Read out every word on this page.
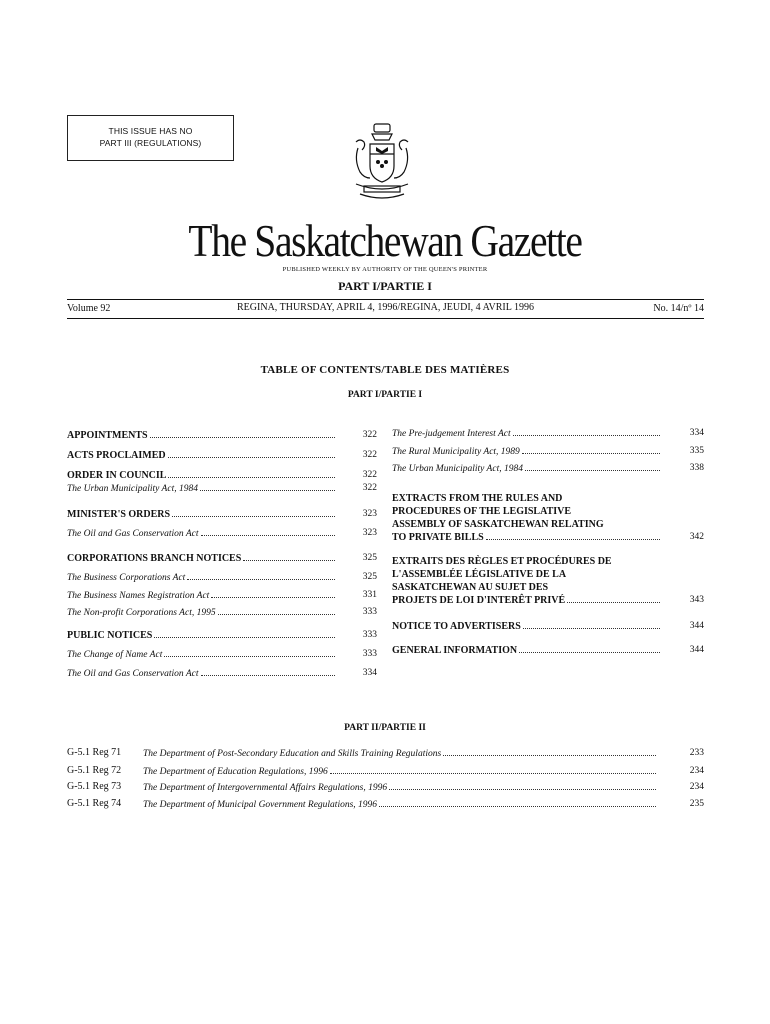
THIS ISSUE HAS NO
PART III (REGULATIONS)
The Saskatchewan Gazette
PUBLISHED WEEKLY BY AUTHORITY OF THE QUEEN'S PRINTER
PART I/PARTIE I
Volume 92	REGINA, THURSDAY, APRIL 4, 1996/REGINA, JEUDI, 4 AVRIL 1996	No. 14/nº 14
TABLE OF CONTENTS/TABLE DES MATIÈRES
PART I/PARTIE I
APPOINTMENTS	322
ACTS PROCLAIMED	322
ORDER IN COUNCIL	322
The Urban Municipality Act, 1984	322
MINISTER'S ORDERS	323
The Oil and Gas Conservation Act	323
CORPORATIONS BRANCH NOTICES	325
The Business Corporations Act	325
The Business Names Registration Act	331
The Non-profit Corporations Act, 1995	333
PUBLIC NOTICES	333
The Change of Name Act	333
The Oil and Gas Conservation Act	334
The Pre-judgement Interest Act	334
The Rural Municipality Act, 1989	335
The Urban Municipality Act, 1984	338
EXTRACTS FROM THE RULES AND
PROCEDURES OF THE LEGISLATIVE
ASSEMBLY OF SASKATCHEWAN RELATING
TO PRIVATE BILLS	342
EXTRAITS DES RÈGLES ET PROCÉDURES DE
L'ASSEMBLÉE LÉGISLATIVE DE LA
SASKATCHEWAN AU SUJET DES
PROJETS DE LOI D'INTERÊT PRIVÉ	343
NOTICE TO ADVERTISERS	344
GENERAL INFORMATION	344
PART II/PARTIE II
G-5.1 Reg 71 The Department of Post-Secondary Education and Skills Training Regulations	233
G-5.1 Reg 72 The Department of Education Regulations, 1996	234
G-5.1 Reg 73 The Department of Intergovernmental Affairs Regulations, 1996	234
G-5.1 Reg 74 The Department of Municipal Government Regulations, 1996	235
